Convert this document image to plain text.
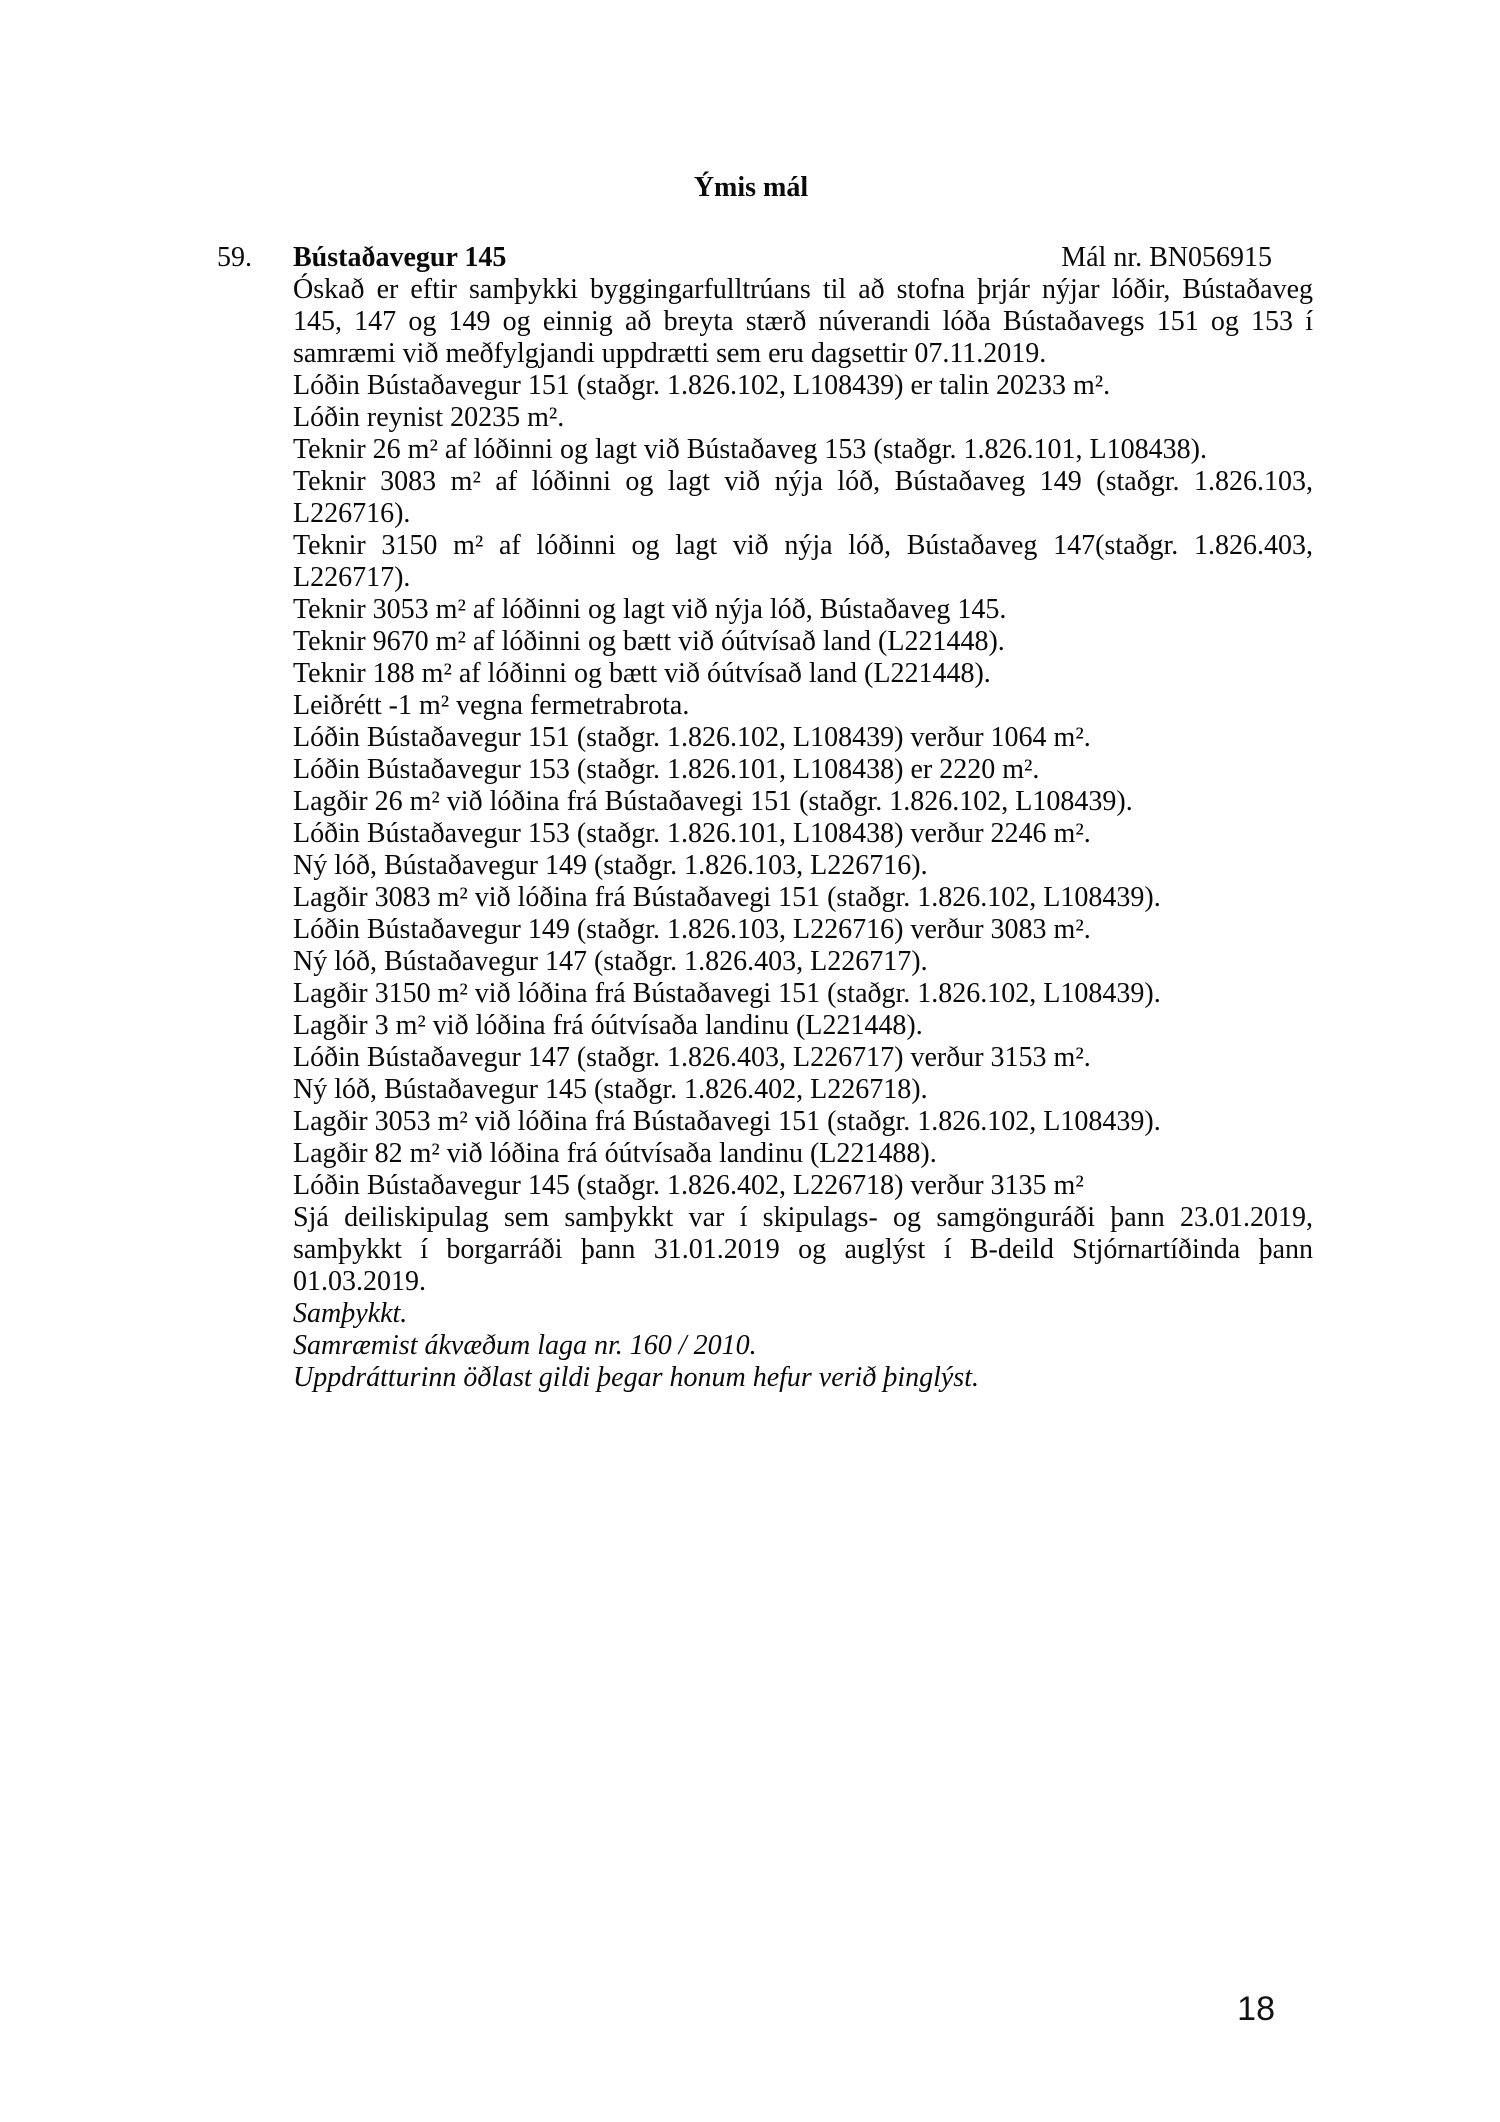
Ýmis mál
59.	Bústaðavegur 145	Mál nr. BN056915

Óskað er eftir samþykki byggingarfulltrúans til að stofna þrjár nýjar lóðir, Bústaðaveg 145, 147 og 149 og einnig að breyta stærð núverandi lóða Bústaðavegs 151 og 153 í samræmi við meðfylgjandi uppdrætti sem eru dagsettir 07.11.2019.

Lóðin Bústaðavegur 151 (staðgr. 1.826.102, L108439) er talin 20233 m².

Lóðin reynist 20235 m².

Teknir 26 m² af lóðinni og lagt við Bústaðaveg 153 (staðgr. 1.826.101, L108438).

Teknir 3083 m² af lóðinni og lagt við nýja lóð, Bústaðaveg 149 (staðgr. 1.826.103, L226716).

Teknir 3150 m² af lóðinni og lagt við nýja lóð, Bústaðaveg 147(staðgr. 1.826.403, L226717).

Teknir 3053 m² af lóðinni og lagt við nýja lóð, Bústaðaveg 145.

Teknir 9670 m² af lóðinni og bætt við óútvísað land (L221448).

Teknir 188 m² af lóðinni og bætt við óútvísað land (L221448).

Leiðrétt -1 m² vegna fermetrabrota.

Lóðin Bústaðavegur 151 (staðgr. 1.826.102, L108439) verður 1064 m².

Lóðin Bústaðavegur 153 (staðgr. 1.826.101, L108438) er 2220 m².

Lagðir 26 m² við lóðina frá Bústaðavegi 151 (staðgr. 1.826.102, L108439).

Lóðin Bústaðavegur 153 (staðgr. 1.826.101, L108438) verður 2246 m².

Ný lóð, Bústaðavegur 149 (staðgr. 1.826.103, L226716).

Lagðir 3083 m² við lóðina frá Bústaðavegi 151 (staðgr. 1.826.102, L108439).

Lóðin Bústaðavegur 149 (staðgr. 1.826.103, L226716) verður 3083 m².

Ný lóð, Bústaðavegur 147 (staðgr. 1.826.403, L226717).

Lagðir 3150 m² við lóðina frá Bústaðavegi 151 (staðgr. 1.826.102, L108439).

Lagðir 3 m² við lóðina frá óútvísaða landinu (L221448).

Lóðin Bústaðavegur 147 (staðgr. 1.826.403, L226717) verður 3153 m².

Ný lóð, Bústaðavegur 145 (staðgr. 1.826.402, L226718).

Lagðir 3053 m² við lóðina frá Bústaðavegi 151 (staðgr. 1.826.102, L108439).

Lagðir 82 m² við lóðina frá óútvísaða landinu (L221488).

Lóðin Bústaðavegur 145 (staðgr. 1.826.402, L226718) verður 3135 m²

Sjá deiliskipulag sem samþykkt var í skipulags- og samgönguráði þann 23.01.2019, samþykkt í borgarráði þann 31.01.2019 og auglýst í B-deild Stjórnartíðinda þann 01.03.2019.

Samþykkt.

Samræmist ákvæðum laga nr. 160 / 2010.

Uppdrátturinn öðlast gildi þegar honum hefur verið þinglýst.

18
